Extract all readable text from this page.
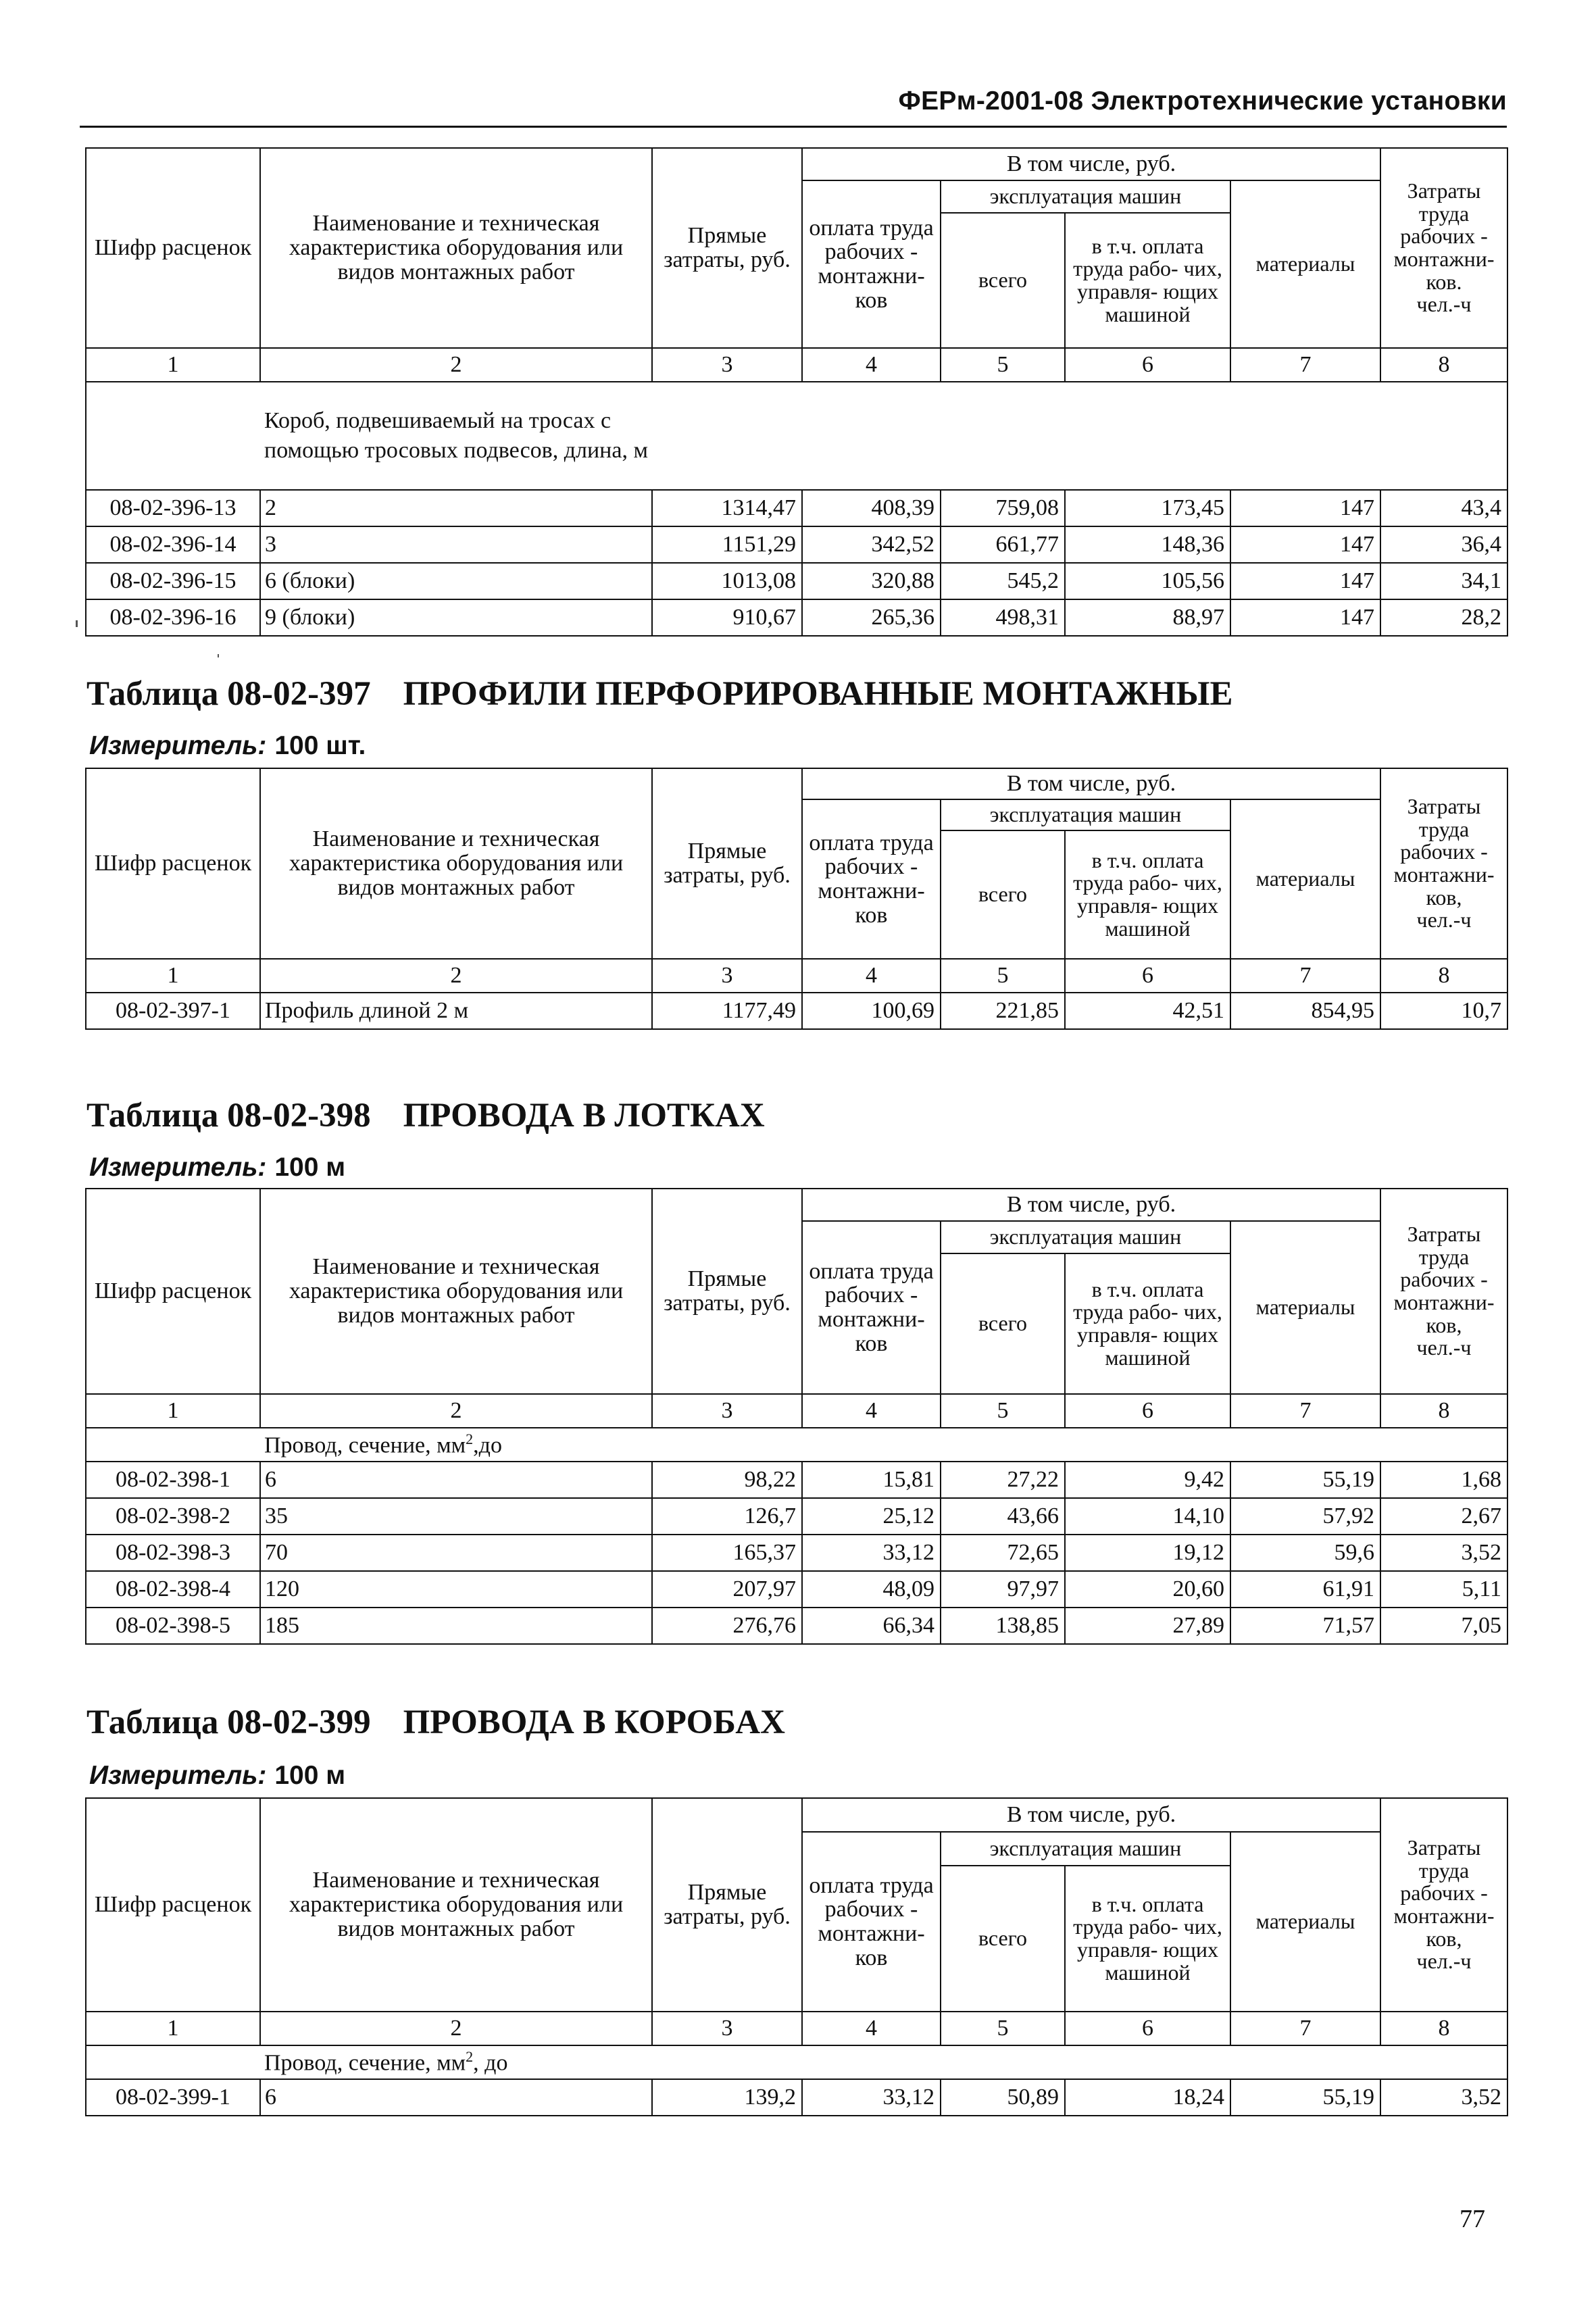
ФЕРм-2001-08 Электротехнические установки
Шифр расценок	Наименование и техническая характеристика оборудования или видов монтажных работ	Прямые затраты, руб.	В том числе, руб.				Затраты труда рабочих - монтажни- ков.
чел.-ч
			оплата труда рабочих - монтажни- ков	эксплуатация машин		материалы	
				всего	в т.ч. оплата труда рабо- чих, управля- ющих машиной		
1	2	3	4	5	6	7	8

	Короб, подвешиваемый на тросах с помощью тросовых подвесов, длина, м						

08-02-396-13	2	1314,47	408,39	759,08	173,45	147	43,4
08-02-396-14	3	1151,29	342,52	661,77	148,36	147	36,4
08-02-396-15	6 (блоки)	1013,08	320,88	545,2	105,56	147	34,1
08-02-396-16	9 (блоки)	910,67	265,36	498,31	88,97	147	28,2
Таблица 08-02-397 ПРОФИЛИ ПЕРФОРИРОВАННЫЕ МОНТАЖНЫЕ
Измеритель: 100 шт.
Шифр расценок	Наименование и техническая характеристика оборудования или видов монтажных работ	Прямые затраты, руб.	В том числе, руб.				Затраты труда рабочих - монтажни- ков,
чел.-ч
			оплата труда рабочих - монтажни- ков	эксплуатация машин		материалы	
				всего	в т.ч. оплата труда рабо- чих, управля- ющих машиной		
1	2	3	4	5	6	7	8
08-02-397-1	Профиль длиной 2 м	1177,49	100,69	221,85	42,51	854,95	10,7
Таблица 08-02-398 ПРОВОДА В ЛОТКАХ
Измеритель: 100 м
Шифр расценок	Наименование и техническая характеристика оборудования или видов монтажных работ	Прямые затраты, руб.	В том числе, руб.				Затраты труда рабочих - монтажни- ков,
чел.-ч
			оплата труда рабочих - монтажни- ков	эксплуатация машин		материалы	
				всего	в т.ч. оплата труда рабо- чих, управля- ющих машиной		
1	2	3	4	5	6	7	8
	Провод, сечение, $мм^2,до$						
08-02-398-1	6	98,22	15,81	27,22	9,42	55,19	1,68
08-02-398-2	35	126,7	25,12	43,66	14,10	57,92	2,67
08-02-398-3	70	165,37	33,12	72,65	19,12	59,6	3,52
08-02-398-4	120	207,97	48,09	97,97	20,60	61,91	5,11
08-02-398-5	185	276,76	66,34	138,85	27,89	71,57	7,05
Таблица 08-02-399 ПРОВОДА В КОРОБАХ
Измеритель: 100 м
Шифр расценок	Наименование и техническая характеристика оборудования или видов монтажных работ	Прямые затраты, руб.	В том числе, руб.				Затраты труда рабочих - монтажни- ков,
чел.-ч
			оплата труда рабочих - монтажни- ков	эксплуатация машин		материалы	
				всего	в т.ч. оплата труда рабо- чих, управля- ющих машиной		
1	2	3	4	5	6	7	8
	Провод, сечение, $мм^2$, до						
08-02-399-1	6	139,2	33,12	50,89	18,24	55,19	3,52
77
